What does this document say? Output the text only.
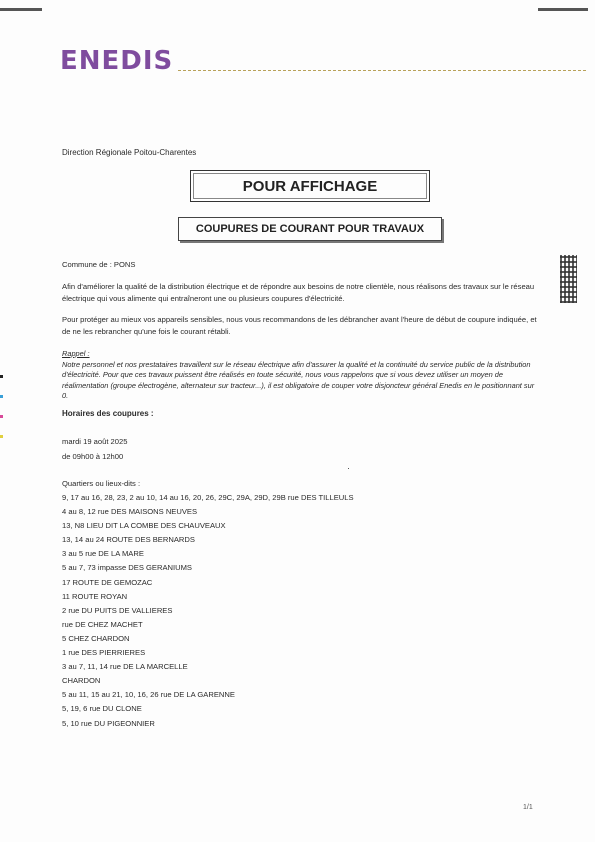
ENEDIS
Direction Régionale Poitou-Charentes
POUR AFFICHAGE
COUPURES DE COURANT POUR TRAVAUX
Commune de : PONS
Afin d'améliorer la qualité de la distribution électrique et de répondre aux besoins de notre clientèle, nous réalisons des travaux sur le réseau électrique qui vous alimente qui entraîneront une ou plusieurs coupures d'électricité.
Pour protéger au mieux vos appareils sensibles, nous vous recommandons de les débrancher avant l'heure de début de coupure indiquée, et de ne les rebrancher qu'une fois le courant rétabli.
Rappel :
Notre personnel et nos prestataires travaillent sur le réseau électrique afin d'assurer la qualité et la continuité du service public de la distribution d'électricité. Pour que ces travaux puissent être réalisés en toute sécurité, nous vous rappelons que si vous devez utiliser un moyen de réalimentation (groupe électrogène, alternateur sur tracteur...), il est obligatoire de couper votre disjoncteur général Enedis en le positionnant sur 0.
Horaires des coupures :
mardi 19 août 2025
de 09h00 à 12h00
Quartiers ou lieux-dits :
9, 17 au 16, 28, 23, 2 au 10, 14 au 16, 20, 26, 29C, 29A, 29D, 29B rue DES TILLEULS
4 au 8, 12 rue DES MAISONS NEUVES
13, N8 LIEU DIT LA COMBE DES CHAUVEAUX
13, 14 au 24 ROUTE DES BERNARDS
3 au 5 rue DE LA MARE
5 au 7, 73 impasse DES GERANIUMS
17 ROUTE DE GEMOZAC
11 ROUTE ROYAN
2 rue DU PUITS DE VALLIERES
rue DE CHEZ MACHET
5 CHEZ CHARDON
1 rue DES PIERRIERES
3 au 7, 11, 14 rue DE LA MARCELLE
CHARDON
5 au 11, 15 au 21, 10, 16, 26 rue DE LA GARENNE
5, 19, 6 rue DU CLONE
5, 10 rue DU PIGEONNIER
1/1
